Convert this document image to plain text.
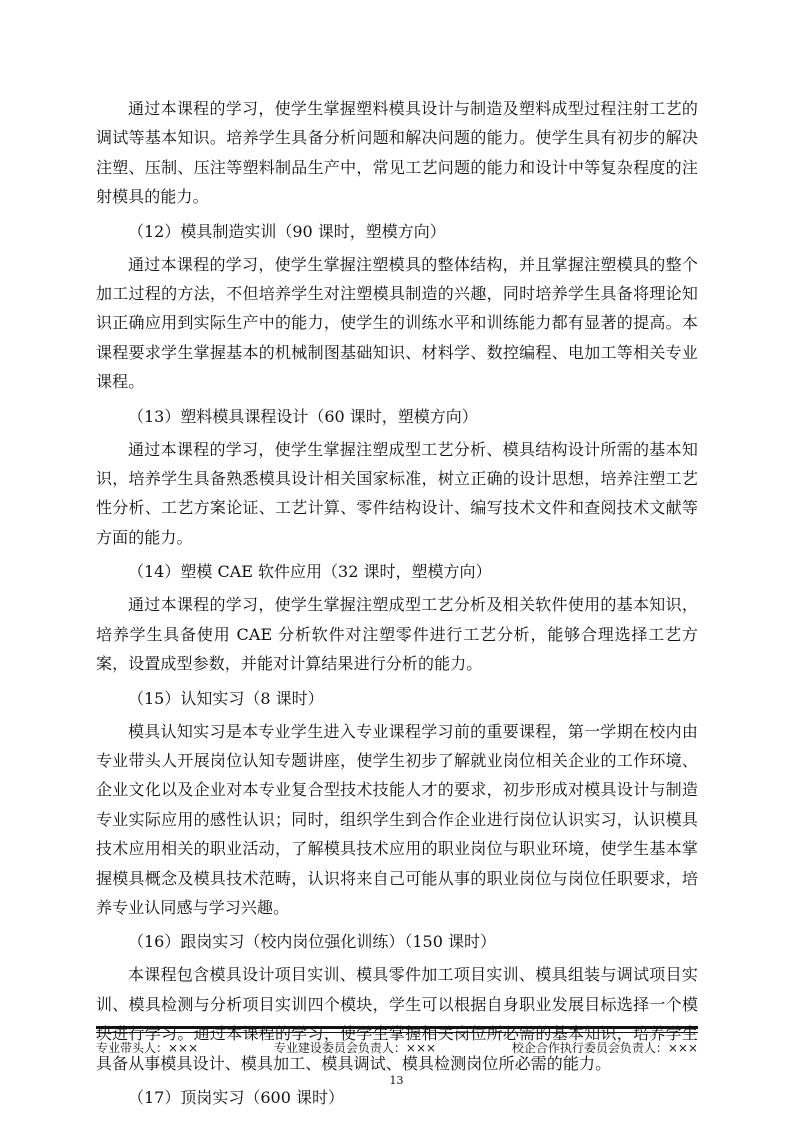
通过本课程的学习，使学生掌握塑料模具设计与制造及塑料成型过程注射工艺的调试等基本知识。培养学生具备分析问题和解决问题的能力。使学生具有初步的解决注塑、压制、压注等塑料制品生产中，常见工艺问题的能力和设计中等复杂程度的注射模具的能力。

（12）模具制造实训（90 课时，塑模方向）

通过本课程的学习，使学生掌握注塑模具的整体结构，并且掌握注塑模具的整个加工过程的方法，不但培养学生对注塑模具制造的兴趣，同时培养学生具备将理论知识正确应用到实际生产中的能力，使学生的训练水平和训练能力都有显著的提高。本课程要求学生掌握基本的机械制图基础知识、材料学、数控编程、电加工等相关专业课程。

（13）塑料模具课程设计（60 课时，塑模方向）

通过本课程的学习，使学生掌握注塑成型工艺分析、模具结构设计所需的基本知识，培养学生具备熟悉模具设计相关国家标准，树立正确的设计思想，培养注塑工艺性分析、工艺方案论证、工艺计算、零件结构设计、编写技术文件和查阅技术文献等方面的能力。

（14）塑模 CAE 软件应用（32 课时，塑模方向）

通过本课程的学习，使学生掌握注塑成型工艺分析及相关软件使用的基本知识，培养学生具备使用 CAE 分析软件对注塑零件进行工艺分析，能够合理选择工艺方案，设置成型参数，并能对计算结果进行分析的能力。

（15）认知实习（8 课时）

模具认知实习是本专业学生进入专业课程学习前的重要课程，第一学期在校内由专业带头人开展岗位认知专题讲座，使学生初步了解就业岗位相关企业的工作环境、企业文化以及企业对本专业复合型技术技能人才的要求，初步形成对模具设计与制造专业实际应用的感性认识；同时，组织学生到合作企业进行岗位认识实习，认识模具技术应用相关的职业活动，了解模具技术应用的职业岗位与职业环境，使学生基本掌握模具概念及模具技术范畴，认识将来自己可能从事的职业岗位与岗位任职要求，培养专业认同感与学习兴趣。

（16）跟岗实习（校内岗位强化训练）（150 课时）

本课程包含模具设计项目实训、模具零件加工项目实训、模具组装与调试项目实训、模具检测与分析项目实训四个模块，学生可以根据自身职业发展目标选择一个模块进行学习。通过本课程的学习，使学生掌握相关岗位所必需的基本知识，培养学生具备从事模具设计、模具加工、模具调试、模具检测岗位所必需的能力。

（17）顶岗实习（600 课时）

专业带头人：×××	专业建设委员会负责人：×××	校企合作执行委员会负责人：×××
13
